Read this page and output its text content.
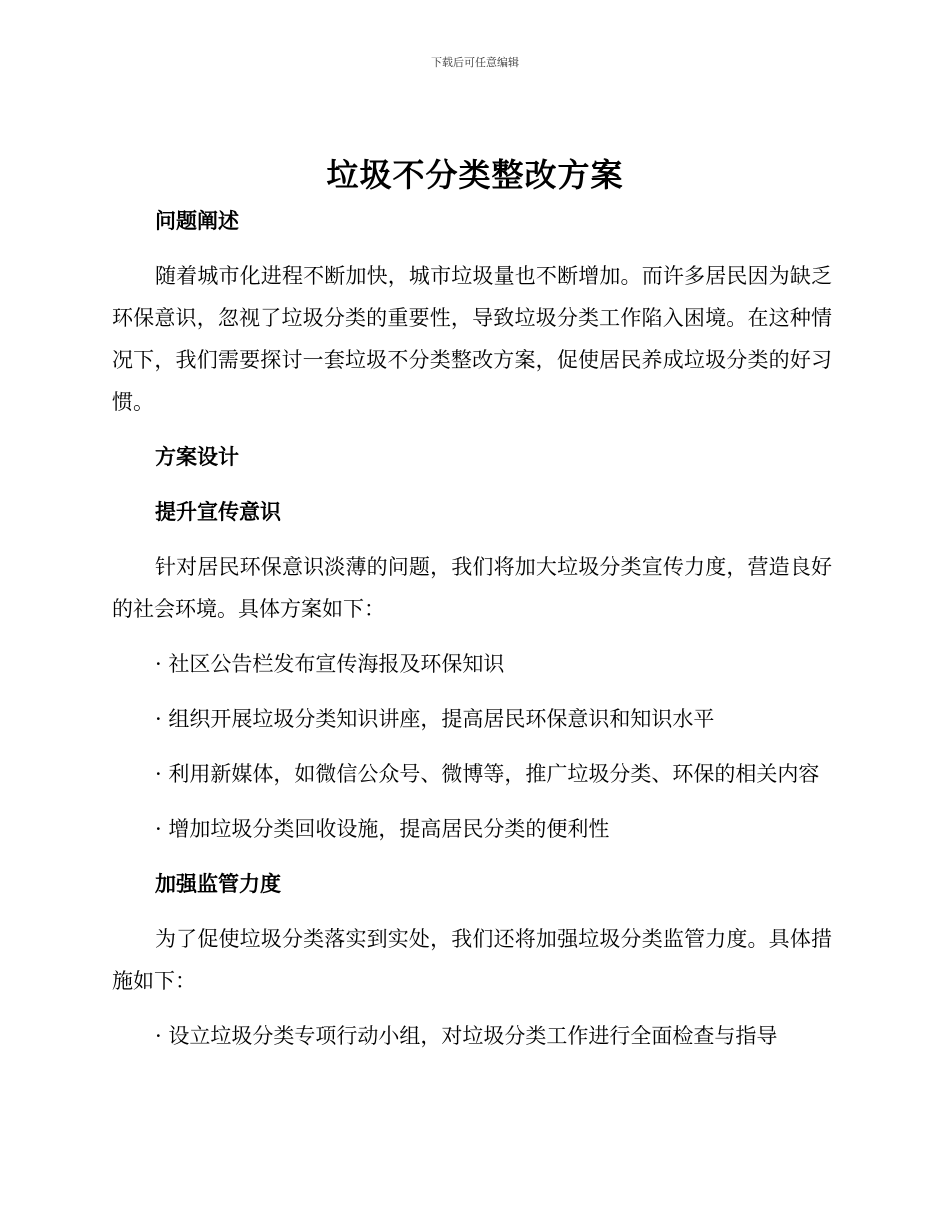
下载后可任意编辑
垃圾不分类整改方案

问题阐述

随着城市化进程不断加快，城市垃圾量也不断增加。而许多居民因为缺乏环保意识，忽视了垃圾分类的重要性，导致垃圾分类工作陷入困境。在这种情况下，我们需要探讨一套垃圾不分类整改方案，促使居民养成垃圾分类的好习惯。

方案设计

提升宣传意识

针对居民环保意识淡薄的问题，我们将加大垃圾分类宣传力度，营造良好的社会环境。具体方案如下：

· 社区公告栏发布宣传海报及环保知识

· 组织开展垃圾分类知识讲座，提高居民环保意识和知识水平

· 利用新媒体，如微信公众号、微博等，推广垃圾分类、环保的相关内容

· 增加垃圾分类回收设施，提高居民分类的便利性

加强监管力度

为了促使垃圾分类落实到实处，我们还将加强垃圾分类监管力度。具体措施如下：

· 设立垃圾分类专项行动小组，对垃圾分类工作进行全面检查与指导
